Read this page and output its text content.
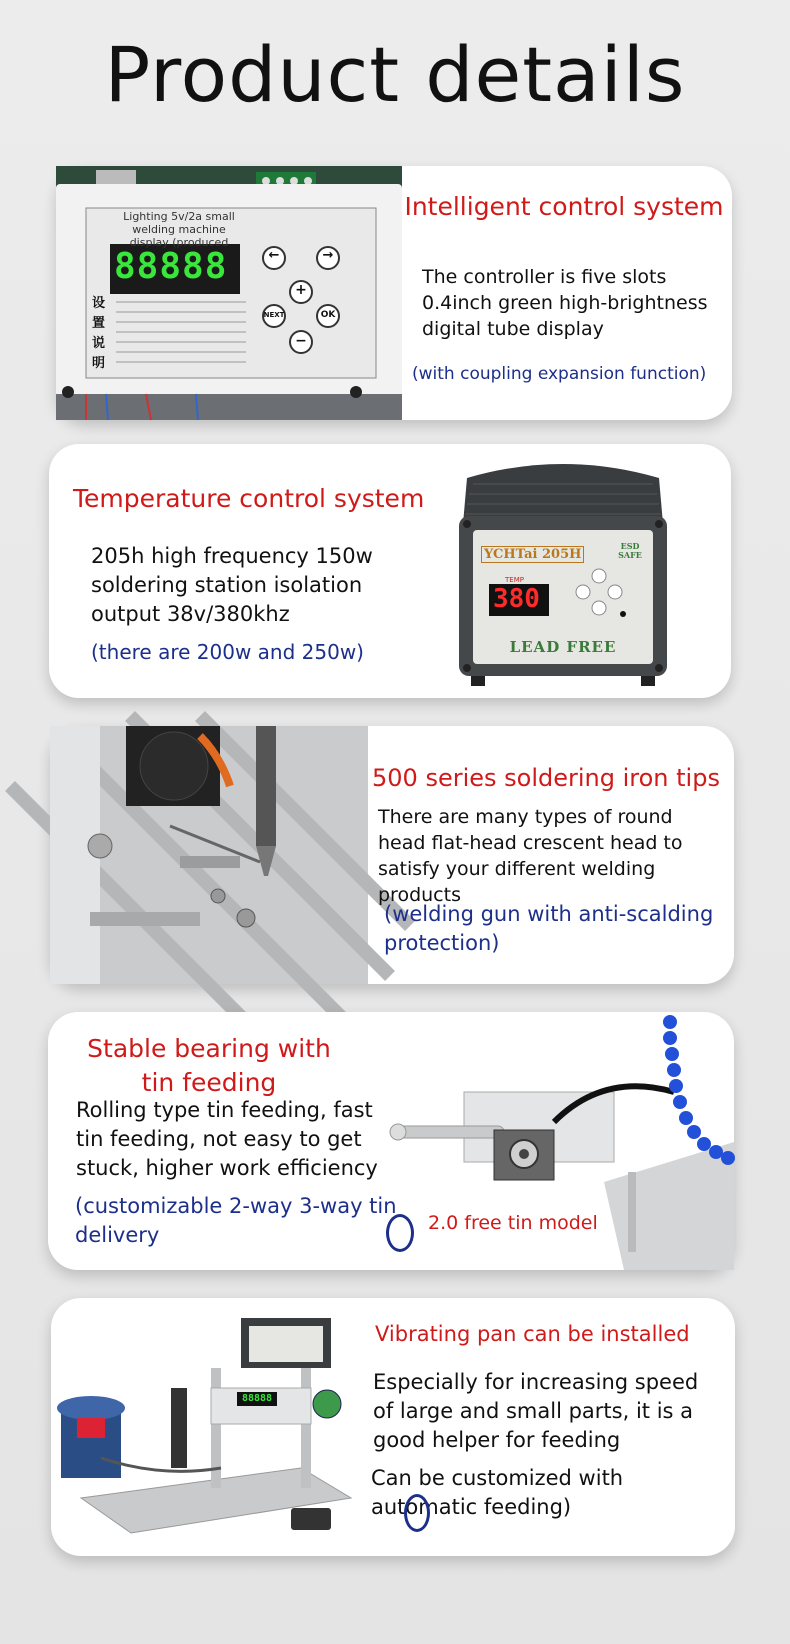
Product details
Lighting 5v/2a small welding machine display (produced
88888
设
置
说
明
←	→
+
NEXT	OK
−
Intelligent control system
The controller is five slots 0.4inch green high-brightness digital tube display
(with coupling expansion function)
Temperature control system
205h high frequency 150w soldering station isolation output 38v/380khz
(there are 200w and 250w)
YCHTai 205H
ESD SAFE
TEMP
380
LEAD FREE
500 series soldering iron tips
There are many types of round head flat-head crescent head to satisfy your different welding products
(welding gun with anti-scalding protection)
Stable bearing with tin feeding
Rolling type tin feeding, fast tin feeding, not easy to get stuck, higher work efficiency
(customizable 2-way 3-way tin delivery	2.0 free tin model
88888
Vibrating pan can be installed
Especially for increasing speed of large and small parts, it is a good helper for feeding
Can be customized with automatic feeding)
